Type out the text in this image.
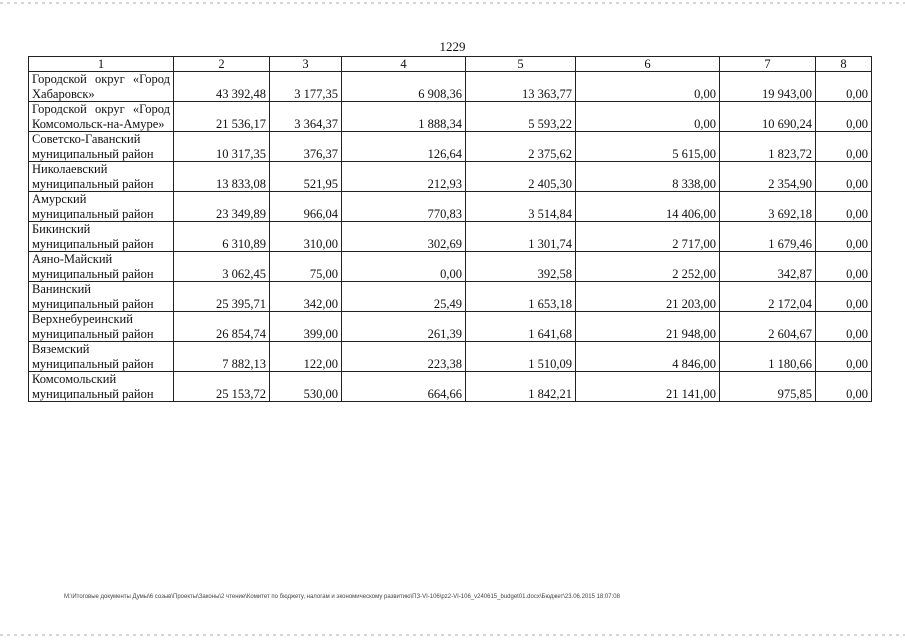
1229
1	2	3	4	5	6	7	8
Городской округ «Город Хабаровск»	43 392,48	3 177,35	6 908,36	13 363,77	0,00	19 943,00	0,00
Городской округ «Город Комсомольск-на-Амуре»	21 536,17	3 364,37	1 888,34	5 593,22	0,00	10 690,24	0,00
Советско-Гаванский муниципальный район	10 317,35	376,37	126,64	2 375,62	5 615,00	1 823,72	0,00
Николаевский муниципальный район	13 833,08	521,95	212,93	2 405,30	8 338,00	2 354,90	0,00
Амурский муниципальный район	23 349,89	966,04	770,83	3 514,84	14 406,00	3 692,18	0,00
Бикинский муниципальный район	6 310,89	310,00	302,69	1 301,74	2 717,00	1 679,46	0,00
Аяно-Майский муниципальный район	3 062,45	75,00	0,00	392,58	2 252,00	342,87	0,00
Ванинский муниципальный район	25 395,71	342,00	25,49	1 653,18	21 203,00	2 172,04	0,00
Верхнебуреинский муниципальный район	26 854,74	399,00	261,39	1 641,68	21 948,00	2 604,67	0,00
Вяземский муниципальный район	7 882,13	122,00	223,38	1 510,09	4 846,00	1 180,66	0,00
Комсомольский муниципальный район	25 153,72	530,00	664,66	1 842,21	21 141,00	975,85	0,00
M:\Итоговые документы Думы\6 созыв\Проекты\Законы\2 чтение\Комитет по бюджету, налогам и экономическому развитию\ПЗ-VI-106\pz2-VI-106_v240615_budget01.docx\Бюджет\23.06.2015 18:07:08
